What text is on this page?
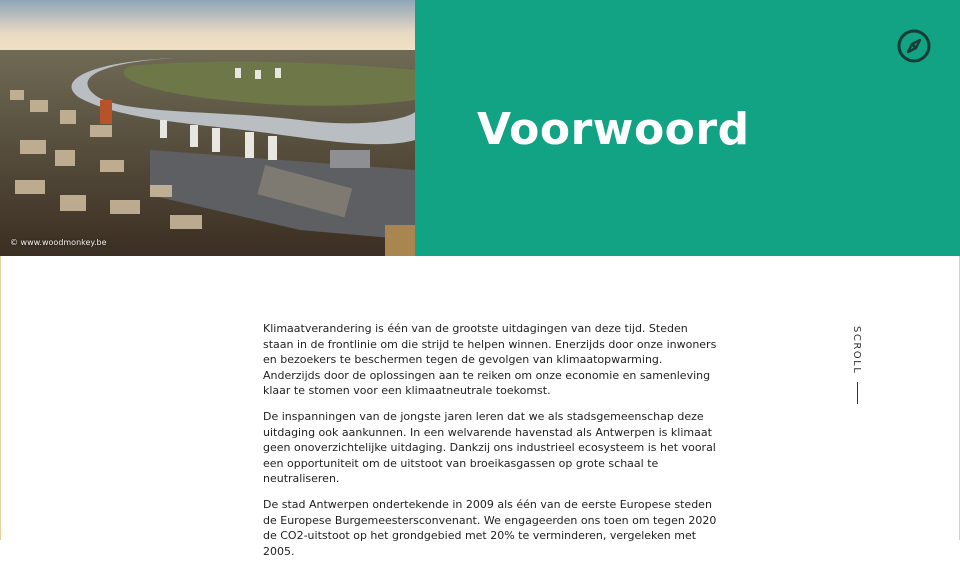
© www.woodmonkey.be
Voorwoord

Klimaatverandering is één van de grootste uitdagingen van deze tijd. Steden staan in de frontlinie om die strijd te helpen winnen. Enerzijds door onze inwoners en bezoekers te beschermen tegen de gevolgen van klimaatopwarming. Anderzijds door de oplossingen aan te reiken om onze economie en samenleving klaar te stomen voor een klimaatneutrale toekomst.

De inspanningen van de jongste jaren leren dat we als stadsgemeenschap deze uitdaging ook aankunnen. In een welvarende havenstad als Antwerpen is klimaat geen onoverzichtelijke uitdaging. Dankzij ons industrieel ecosysteem is het vooral een opportuniteit om de uitstoot van broeikasgassen op grote schaal te neutraliseren.

De stad Antwerpen ondertekende in 2009 als één van de eerste Europese steden de Europese Burgemeestersconvenant. We engageerden ons toen om tegen 2020 de CO2-uitstoot op het grondgebied met 20% te verminderen, vergeleken met 2005.

SCROLL
